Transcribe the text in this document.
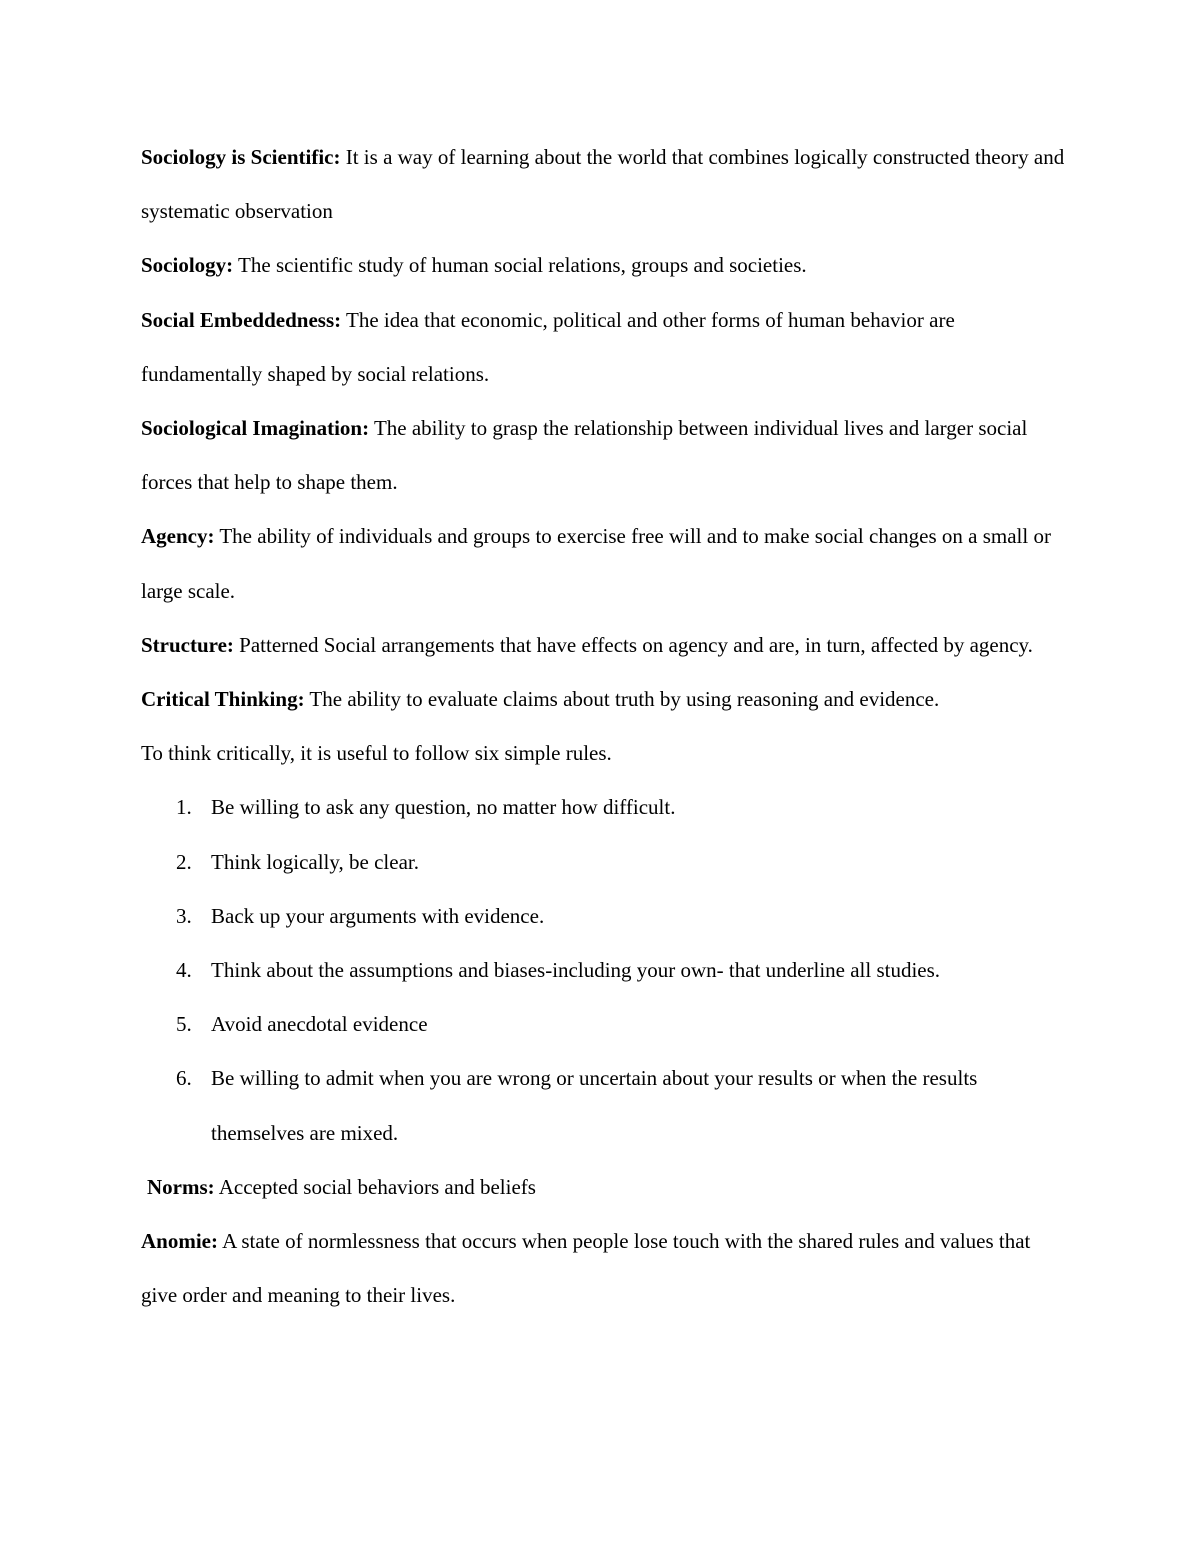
Sociology is Scientific: It is a way of learning about the world that combines logically constructed theory and systematic observation

Sociology: The scientific study of human social relations, groups and societies.

Social Embeddedness: The idea that economic, political and other forms of human behavior are fundamentally shaped by social relations.

Sociological Imagination: The ability to grasp the relationship between individual lives and larger social forces that help to shape them.

Agency: The ability of individuals and groups to exercise free will and to make social changes on a small or large scale.

Structure: Patterned Social arrangements that have effects on agency and are, in turn, affected by agency.

Critical Thinking: The ability to evaluate claims about truth by using reasoning and evidence.

To think critically, it is useful to follow six simple rules.

1. Be willing to ask any question, no matter how difficult.
2. Think logically, be clear.
3. Back up your arguments with evidence.
4. Think about the assumptions and biases-including your own- that underline all studies.
5. Avoid anecdotal evidence
6. Be willing to admit when you are wrong or uncertain about your results or when the results themselves are mixed.

Norms: Accepted social behaviors and beliefs

Anomie: A state of normlessness that occurs when people lose touch with the shared rules and values that give order and meaning to their lives.
